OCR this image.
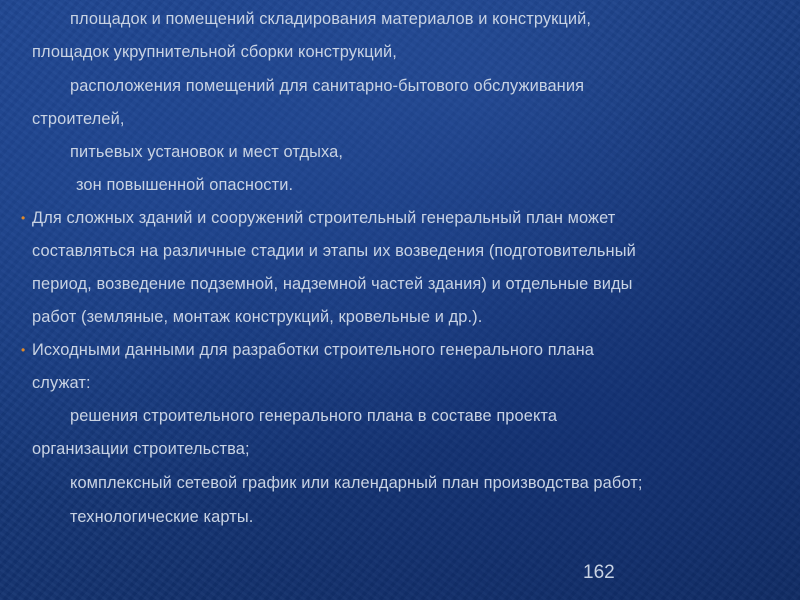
площадок и помещений складирования материалов и конструкций,
площадок укрупнительной сборки конструкций,
расположения помещений для санитарно-бытового обслуживания
строителей,
питьевых установок и мест отдыха,
зон повышенной опасности.
• Для сложных зданий и сооружений строительный генеральный план может
составляться на различные стадии и этапы их возведения (подготовительный
период, возведение подземной, надземной частей здания) и отдельные виды
работ (земляные, монтаж конструкций, кровельные и др.).
• Исходными данными для разработки строительного генерального плана
служат:
решения строительного генерального плана в составе проекта
организации строительства;
комплексный сетевой график или календарный план производства работ;
технологические карты.
162
